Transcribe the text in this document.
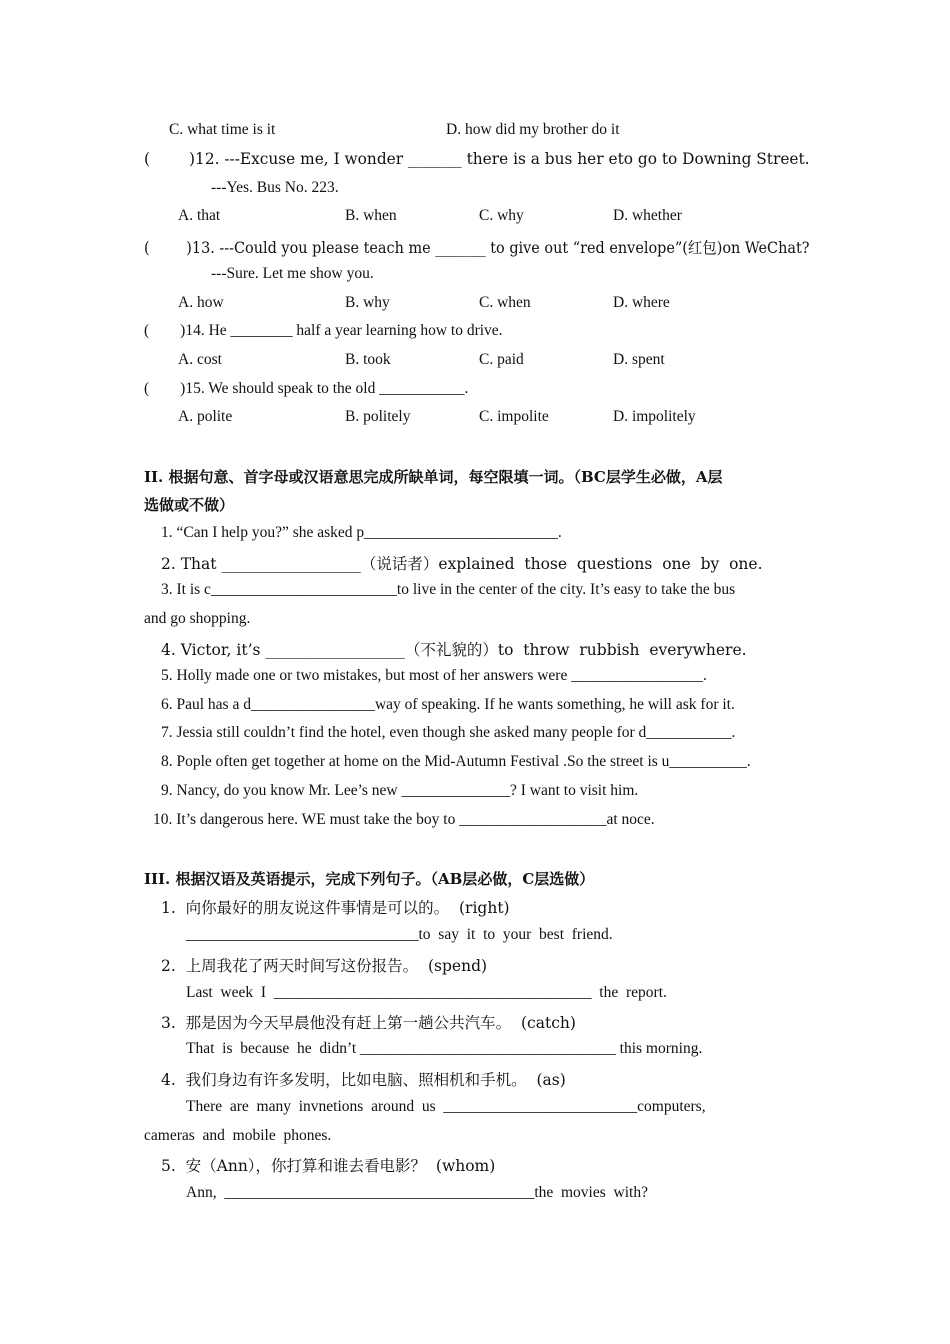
C. what time is it	D. how did my brother do it
(        )12. ---Excuse me, I wonder _______ there is a bus her eto go to Downing Street.
---Yes. Bus No. 223.
A. that	B. when	C. why	D. whether
(        )13. ---Could you please teach me _______ to give out “red envelope”(红包)on WeChat?
---Sure. Let me show you.
A. how	B. why	C. when	D. where
(        )14. He ________ half a year learning how to drive.
A. cost	B. took	C. paid	D. spent
(        )15. We should speak to the old ___________.
A. polite	B. politely	C. impolite	D. impolitely
II. 根据句意、首字母或汉语意思完成所缺单词，每空限填一词。（BC层学生必做，A层
选做或不做）
1. “Can I help you?” she asked p_________________________.
2. That __________________（说话者）explained  those  questions  one  by  one.
3. It is c________________________to live in the center of the city. It’s easy to take the bus
and go shopping.
4. Victor, it’s __________________（不礼貌的）to  throw  rubbish  everywhere.
5. Holly made one or two mistakes, but most of her answers were _________________.
6. Paul has a d________________way of speaking. If he wants something, he will ask for it.
7. Jessia still couldn’t find the hotel, even though she asked many people for d___________.
8. Pople often get together at home on the Mid-Autumn Festival .So the street is u__________.
9. Nancy, do you know Mr. Lee’s new ______________? I want to visit him.
10. It’s dangerous here. WE must take the boy to ___________________at noce.
III. 根据汉语及英语提示，完成下列句子。（AB层必做，C层选做）
1.  向你最好的朋友说这件事情是可以的。  (right)
______________________________to  say  it  to  your  best  friend.
2.  上周我花了两天时间写这份报告。  (spend)
Last  week  I  _________________________________________  the  report.
3.  那是因为今天早晨他没有赶上第一趟公共汽车。  (catch)
That  is  because  he  didn’t _________________________________ this morning.
4.  我们身边有许多发明，比如电脑、照相机和手机。  (as)
There  are  many  invnetions  around  us  _________________________computers,
cameras  and  mobile  phones.
5.  安（Ann），你打算和谁去看电影？  (whom)
Ann,  ________________________________________the  movies  with?
